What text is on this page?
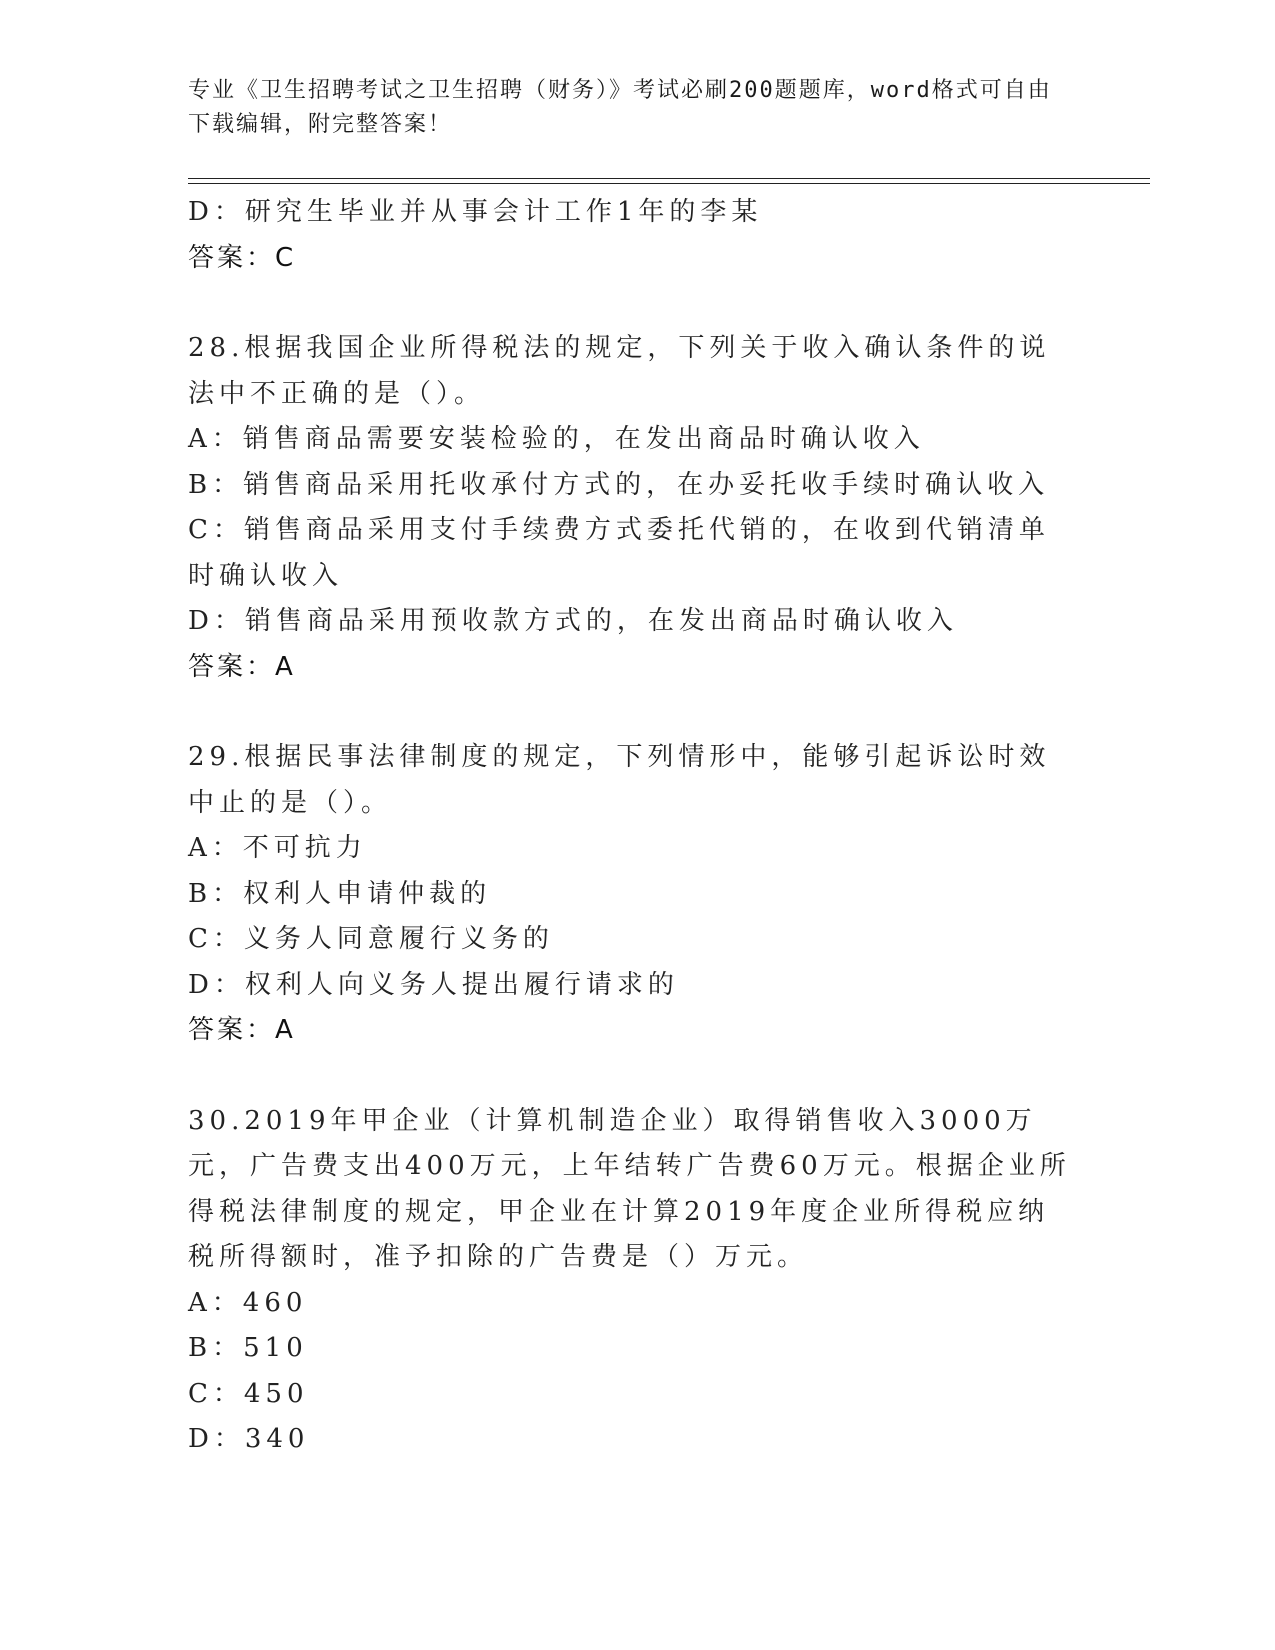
专业《卫生招聘考试之卫生招聘（财务）》考试必刷200题题库，word格式可自由下载编辑，附完整答案！
D：研究生毕业并从事会计工作1年的李某
答案：C
28.根据我国企业所得税法的规定，下列关于收入确认条件的说法中不正确的是（）。
A：销售商品需要安装检验的，在发出商品时确认收入
B：销售商品采用托收承付方式的，在办妥托收手续时确认收入
C：销售商品采用支付手续费方式委托代销的，在收到代销清单时确认收入
D：销售商品采用预收款方式的，在发出商品时确认收入
答案：A
29.根据民事法律制度的规定，下列情形中，能够引起诉讼时效中止的是（）。
A：不可抗力
B：权利人申请仲裁的
C：义务人同意履行义务的
D：权利人向义务人提出履行请求的
答案：A
30.2019年甲企业（计算机制造企业）取得销售收入3000万元，广告费支出400万元，上年结转广告费60万元。根据企业所得税法律制度的规定，甲企业在计算2019年度企业所得税应纳税所得额时，准予扣除的广告费是（）万元。
A：460
B：510
C：450
D：340
